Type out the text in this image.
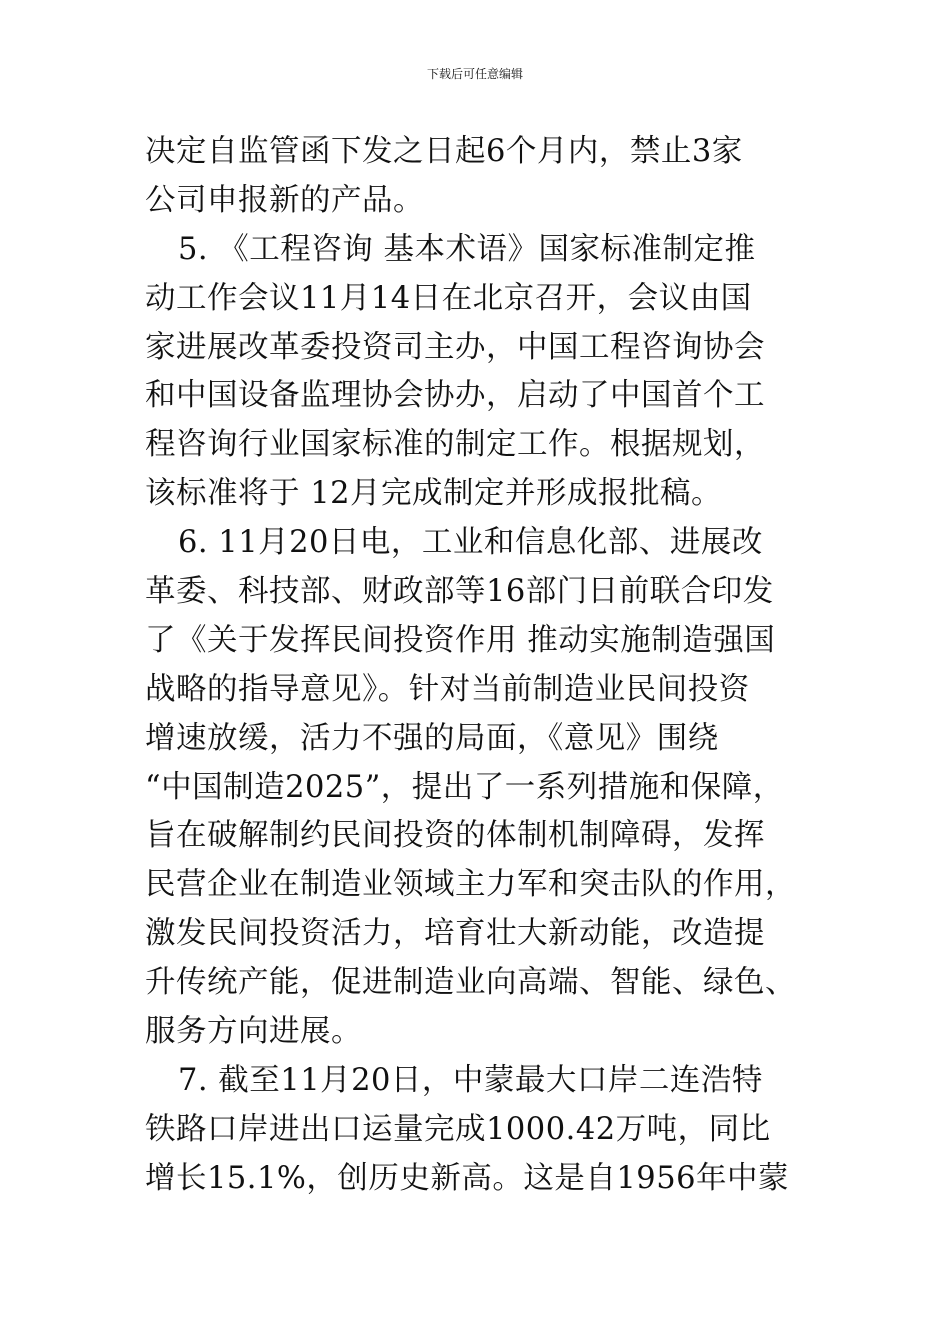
下载后可任意编辑
决定自监管函下发之日起6个月内，禁止3家
公司申报新的产品。
5. 《工程咨询 基本术语》国家标准制定推
动工作会议11月14日在北京召开，会议由国
家进展改革委投资司主办，中国工程咨询协会
和中国设备监理协会协办，启动了中国首个工
程咨询行业国家标准的制定工作。根据规划，
该标准将于 12月完成制定并形成报批稿。
6. 11月20日电，工业和信息化部、进展改
革委、科技部、财政部等16部门日前联合印发
了《关于发挥民间投资作用 推动实施制造强国
战略的指导意见》。针对当前制造业民间投资
增速放缓，活力不强的局面，《意见》围绕
“中国制造2025”，提出了一系列措施和保障，
旨在破解制约民间投资的体制机制障碍，发挥
民营企业在制造业领域主力军和突击队的作用，
激发民间投资活力，培育壮大新动能，改造提
升传统产能，促进制造业向高端、智能、绿色、
服务方向进展。
7. 截至11月20日，中蒙最大口岸二连浩特
铁路口岸进出口运量完成1000.42万吨，同比
增长15.1%，创历史新高。这是自1956年中蒙
